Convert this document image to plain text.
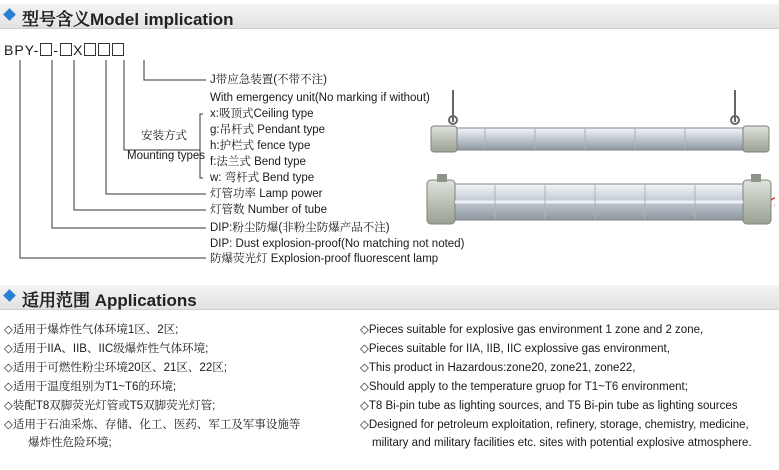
型号含义Model implication
BPY- - X
J带应急装置(不带不注)
With emergency unit(No marking if without)
x:吸顶式Ceiling type
g:吊杆式 Pendant type
h:护栏式 fence type
f:法兰式 Bend type
w: 弯杆式 Bend type
灯管功率 Lamp power
灯管数 Number of tube
DIP:粉尘防爆(非粉尘防爆产品不注)
DIP: Dust explosion-proof(No matching not noted)
防爆荧光灯 Explosion-proof fluorescent lamp
安装方式
Mounting types
适用范围 Applications
◇适用于爆炸性气体环境1区、2区;
◇适用于IIA、IIB、IIC级爆炸性气体环境;
◇适用于可燃性粉尘环境20区、21区、22区;
◇适用于温度组别为T1~T6的环境;
◇装配T8双脚荧光灯管或T5双脚荧光灯管;
◇适用于石油采炼、存储、化工、医药、军工及军事设施等
爆炸性危险环境;
◇Pieces suitable for explosive gas environment 1 zone and 2 zone,
◇Pieces suitable for IIA, IIB, IIC explossive gas environment,
◇This product in Hazardous:zone20, zone21, zone22,
◇Should apply to the temperature gruop for T1~T6 environment;
◇T8 Bi-pin tube as lighting sources, and T5 Bi-pin tube as lighting sources
◇Designed for petroleum exploitation, refinery, storage, chemistry, medicine,
military and military facilities etc. sites with potential explosive atmosphere.
